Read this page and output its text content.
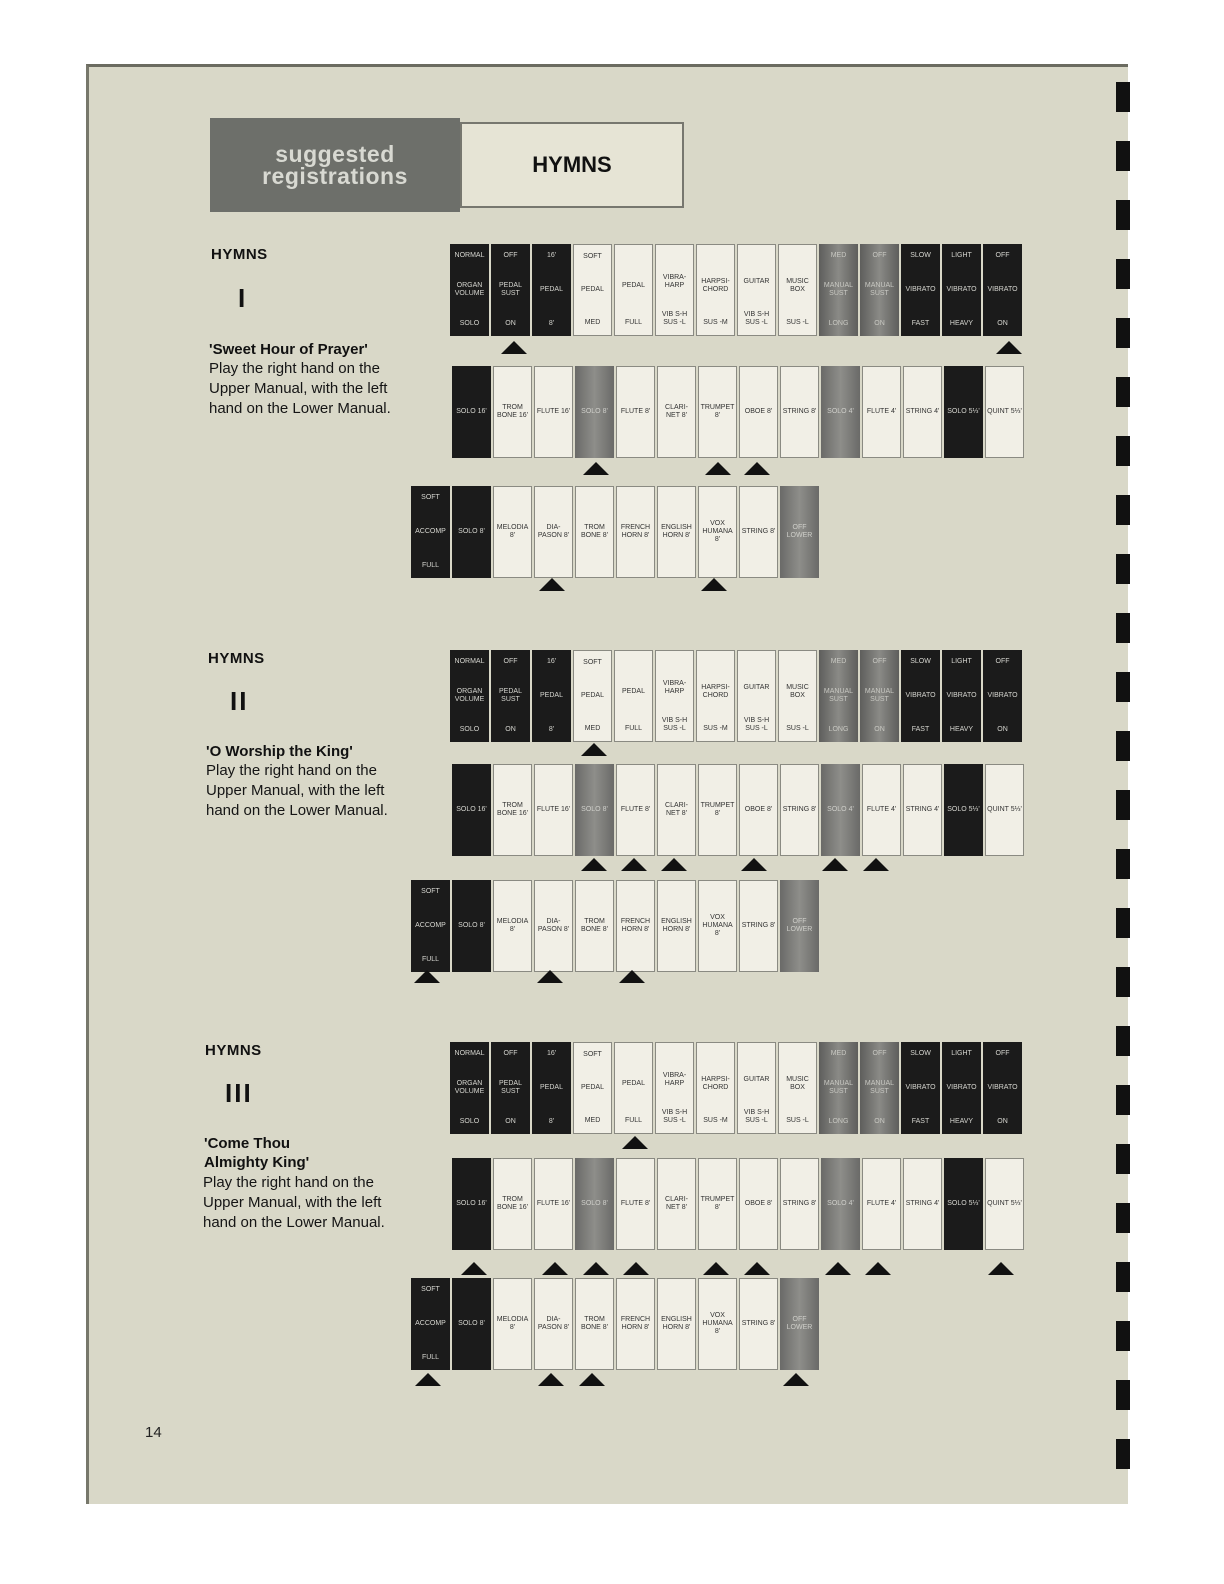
suggested
registrations	HYMNS
HYMNS
I
'Sweet Hour of Prayer'
Play the right hand on the Upper Manual, with the left hand on the Lower Manual.
HYMNS
II
'O Worship the King'
Play the right hand on the Upper Manual, with the left hand on the Lower Manual.
HYMNS
III
'Come Thou Almighty King'
Play the right hand on the Upper Manual, with the left hand on the Lower Manual.
NORMAL
ORGAN VOLUME
SOLO
OFF
PEDAL SUST
ON
16'
PEDAL
8'
SOFT
PEDAL
MED
PEDAL
FULL
VIBRA- HARP
VIB S-H SUS -L
HARPSI- CHORD
SUS -M
GUITAR
VIB S-H SUS -L
MUSIC BOX
SUS -L
MED
MANUAL SUST
LONG
OFF
MANUAL SUST
ON
SLOW
VIBRATO
FAST
LIGHT
VIBRATO
HEAVY
OFF
VIBRATO
ON
SOLO 16'
TROM BONE 16'
FLUTE 16' SOLO 8' FLUTE 8'
CLARI- NET 8'
TRUMPET 8'
OBOE 8' STRING 8' SOLO 4' FLUTE 4' STRING 4' SOLO 5⅓' QUINT 5⅓'
SOFT
ACCOMP
FULL
SOLO 8'
MELODIA 8'
DIA- PASON 8'
TROM BONE 8'
FRENCH HORN 8'
ENGLISH HORN 8'
VOX HUMANA 8'
STRING 8'
OFF LOWER
NORMAL
ORGAN VOLUME
SOLO
OFF
PEDAL SUST
ON
16'
PEDAL
8'
SOFT
PEDAL
MED
PEDAL
FULL
VIBRA- HARP
VIB S-H SUS -L
HARPSI- CHORD
SUS -M
GUITAR
VIB S-H SUS -L
MUSIC BOX
SUS -L
MED
MANUAL SUST
LONG
OFF
MANUAL SUST
ON
SLOW
VIBRATO
FAST
LIGHT
VIBRATO
HEAVY
OFF
VIBRATO
ON
SOLO 16'
TROM BONE 16'
FLUTE 16' SOLO 8' FLUTE 8'
CLARI- NET 8'
TRUMPET 8'
OBOE 8' STRING 8' SOLO 4' FLUTE 4' STRING 4' SOLO 5⅓' QUINT 5⅓'
SOFT
ACCOMP
FULL
SOLO 8'
MELODIA 8'
DIA- PASON 8'
TROM BONE 8'
FRENCH HORN 8'
ENGLISH HORN 8'
VOX HUMANA 8'
STRING 8'
OFF LOWER
NORMAL
ORGAN VOLUME
SOLO
OFF
PEDAL SUST
ON
16'
PEDAL
8'
SOFT
PEDAL
MED
PEDAL
FULL
VIBRA- HARP
VIB S-H SUS -L
HARPSI- CHORD
SUS -M
GUITAR
VIB S-H SUS -L
MUSIC BOX
SUS -L
MED
MANUAL SUST
LONG
OFF
MANUAL SUST
ON
SLOW
VIBRATO
FAST
LIGHT
VIBRATO
HEAVY
OFF
VIBRATO
ON
SOLO 16'
TROM BONE 16'
FLUTE 16' SOLO 8' FLUTE 8'
CLARI- NET 8'
TRUMPET 8'
OBOE 8' STRING 8' SOLO 4' FLUTE 4' STRING 4' SOLO 5⅓' QUINT 5⅓'
SOFT
ACCOMP
FULL
SOLO 8'
MELODIA 8'
DIA- PASON 8'
TROM BONE 8'
FRENCH HORN 8'
ENGLISH HORN 8'
VOX HUMANA 8'
STRING 8'
OFF LOWER
14
